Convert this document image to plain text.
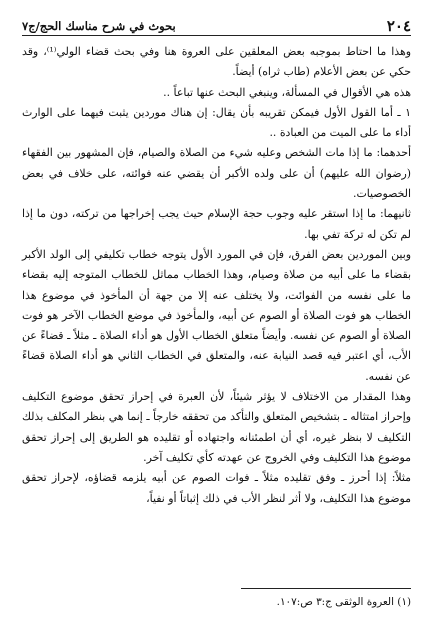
٢٠٤
بحوث في شرح مناسك الحج/ج٧

وهذا ما احتاط بموجبه بعض المعلقين على العروة هنا وفي بحث قضاء الولي⁽¹⁾، وقد حكي عن بعض الأعلام (طاب ثراه) أيضاً.

هذه هي الأقوال في المسألة، وينبغي البحث عنها تباعاً ..

١ ـ أما القول الأول فيمكن تقريبه بأن يقال: إن هناك موردين يثبت فيهما على الوارث أداء ما على الميت من العبادة ..

أحدهما: ما إذا مات الشخص وعليه شيء من الصلاة والصيام، فإن المشهور بين الفقهاء (رضوان الله عليهم) أن على ولده الأكبر أن يقضي عنه فوائته، على خلاف في بعض الخصوصيات.

ثانيهما: ما إذا استقر عليه وجوب حجة الإسلام حيث يجب إخراجها من تركته، دون ما إذا لم تكن له تركة تفي بها.

وبين الموردين بعض الفرق، فإن في المورد الأول يتوجه خطاب تكليفي إلى الولد الأكبر بقضاء ما على أبيه من صلاة وصيام، وهذا الخطاب مماثل للخطاب المتوجه إليه بقضاء ما على نفسه من الفوائت، ولا يختلف عنه إلا من جهة أن المأخوذ في موضوع هذا الخطاب هو فوت الصلاة أو الصوم عن أبيه، والمأخوذ في موضع الخطاب الآخر هو فوت الصلاة أو الصوم عن نفسه. وأيضاً متعلق الخطاب الأول هو أداء الصلاة ـ مثلاً ـ قضاءً عن الأب، أي اعتبر فيه قصد النيابة عنه، والمتعلق في الخطاب الثاني هو أداء الصلاة قضاءً عن نفسه.

وهذا المقدار من الاختلاف لا يؤثر شيئاً، لأن العبرة في إحراز تحقق موضوع التكليف وإحراز امتثاله ـ بتشخيص المتعلق والتأكد من تحققه خارجاً ـ إنما هي بنظر المكلف بذلك التكليف لا بنظر غيره، أي أن اطمئنانه واجتهاده أو تقليده هو الطريق إلى إحراز تحقق موضوع هذا التكليف وفي الخروج عن عهدته كأي تكليف آخر.

مثلاً: إذا أحرز ـ وفق تقليده مثلاً ـ فوات الصوم عن أبيه يلزمه قضاؤه، لإحراز تحقق موضوع هذا التكليف، ولا أثر لنظر الأب في ذلك إثباتاً أو نفياً،

(١) العروة الوثقى ج:٣ ص:١٠٧.
